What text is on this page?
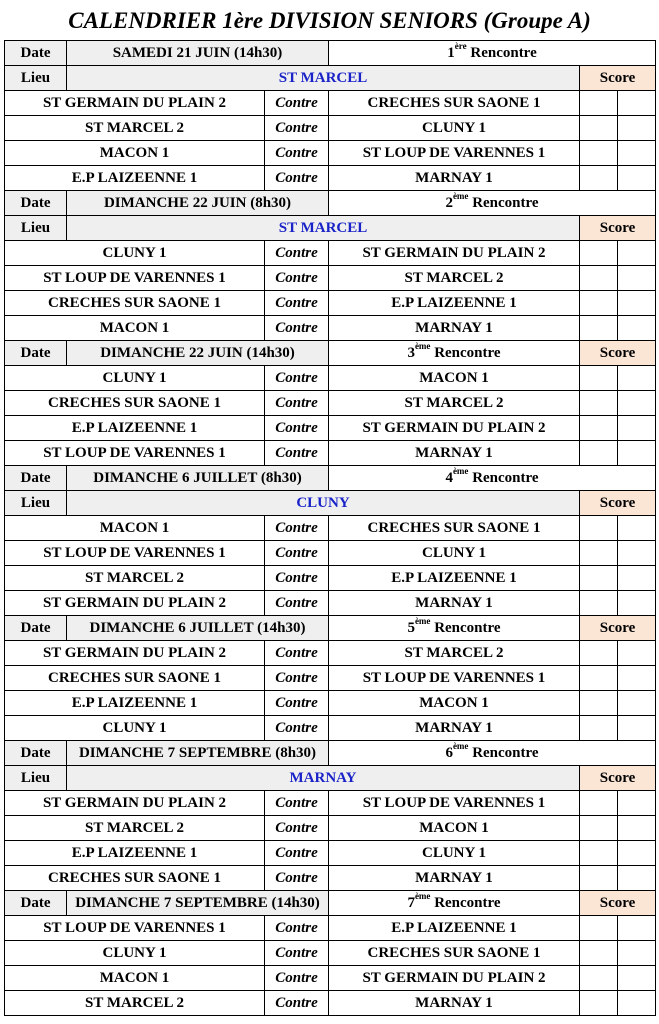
CALENDRIER 1ère DIVISION SENIORS (Groupe A)
Date	SAMEDI 21 JUIN (14h30)		1ère Rencontre		
Lieu	ST MARCEL			Score	
ST GERMAIN DU PLAIN 2		Contre	CRECHES SUR SAONE 1		
ST MARCEL 2		Contre	CLUNY 1		
MACON 1		Contre	ST LOUP DE VARENNES 1		
E.P LAIZEENNE 1		Contre	MARNAY 1		
Date	DIMANCHE 22 JUIN (8h30)		2ème Rencontre		
Lieu	ST MARCEL			Score	
CLUNY 1		Contre	ST GERMAIN DU PLAIN 2		
ST LOUP DE VARENNES 1		Contre	ST MARCEL 2		
CRECHES SUR SAONE 1		Contre	E.P LAIZEENNE 1		
MACON 1		Contre	MARNAY 1		
Date	DIMANCHE 22 JUIN (14h30)		3ème Rencontre	Score	
CLUNY 1		Contre	MACON 1		
CRECHES SUR SAONE 1		Contre	ST MARCEL 2		
E.P LAIZEENNE 1		Contre	ST GERMAIN DU PLAIN 2		
ST LOUP DE VARENNES 1		Contre	MARNAY 1		
Date	DIMANCHE 6 JUILLET (8h30)		4ème Rencontre		
Lieu	CLUNY			Score	
MACON 1		Contre	CRECHES SUR SAONE 1		
ST LOUP DE VARENNES 1		Contre	CLUNY 1		
ST MARCEL 2		Contre	E.P LAIZEENNE 1		
ST GERMAIN DU PLAIN 2		Contre	MARNAY 1		
Date	DIMANCHE 6 JUILLET (14h30)		5ème Rencontre	Score	
ST GERMAIN DU PLAIN 2		Contre	ST MARCEL 2		
CRECHES SUR SAONE 1		Contre	ST LOUP DE VARENNES 1		
E.P LAIZEENNE 1		Contre	MACON 1		
CLUNY 1		Contre	MARNAY 1		
Date	DIMANCHE 7 SEPTEMBRE (8h30)		6ème Rencontre		
Lieu	MARNAY			Score	
ST GERMAIN DU PLAIN 2		Contre	ST LOUP DE VARENNES 1		
ST MARCEL 2		Contre	MACON 1		
E.P LAIZEENNE 1		Contre	CLUNY 1		
CRECHES SUR SAONE 1		Contre	MARNAY 1		
Date	DIMANCHE 7 SEPTEMBRE (14h30)		7ème Rencontre	Score	
ST LOUP DE VARENNES 1		Contre	E.P LAIZEENNE 1		
CLUNY 1		Contre	CRECHES SUR SAONE 1		
MACON 1		Contre	ST GERMAIN DU PLAIN 2		
ST MARCEL 2		Contre	MARNAY 1		
